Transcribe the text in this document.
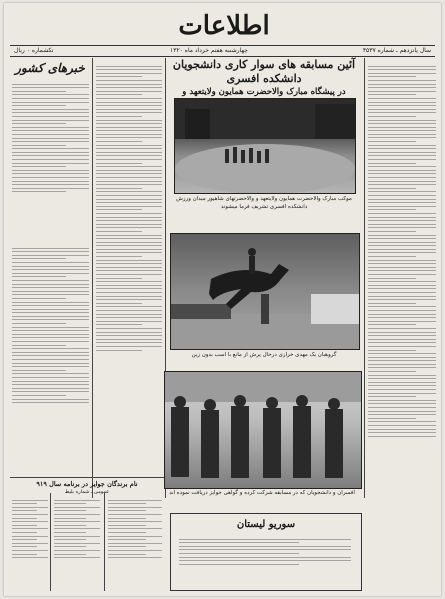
اطلاعات
سال پانزدهم ـ شماره ۴۵۳۷
چهارشنبه هفتم خرداد ماه ۱۳۲۰
تکشماره ۰ ریال
آئین مسابقه های سوار کاری دانشجویان دانشکده افسری
در پیشگاه مبارک والاحضرت همایون ولایتعهد و
خبرهای کشور
نام برندگان جوایز در برنامه سال ۹۱۹
عمومی ـ شماره بلیط
موکب مبارک والاحضرت همایون ولایتعهد و والاحضرتهای شاهپور میدان ورزش دانشکده افسری تشریف فرما میشوند
گروهبان یک مهدی خرازی درحال پرش از مانع با اسب بدون زین
افسران و دانشجویان که در مسابقه شرکت کرده و گواهی جوایز دریافت نموده اند
سوریو لیستان
